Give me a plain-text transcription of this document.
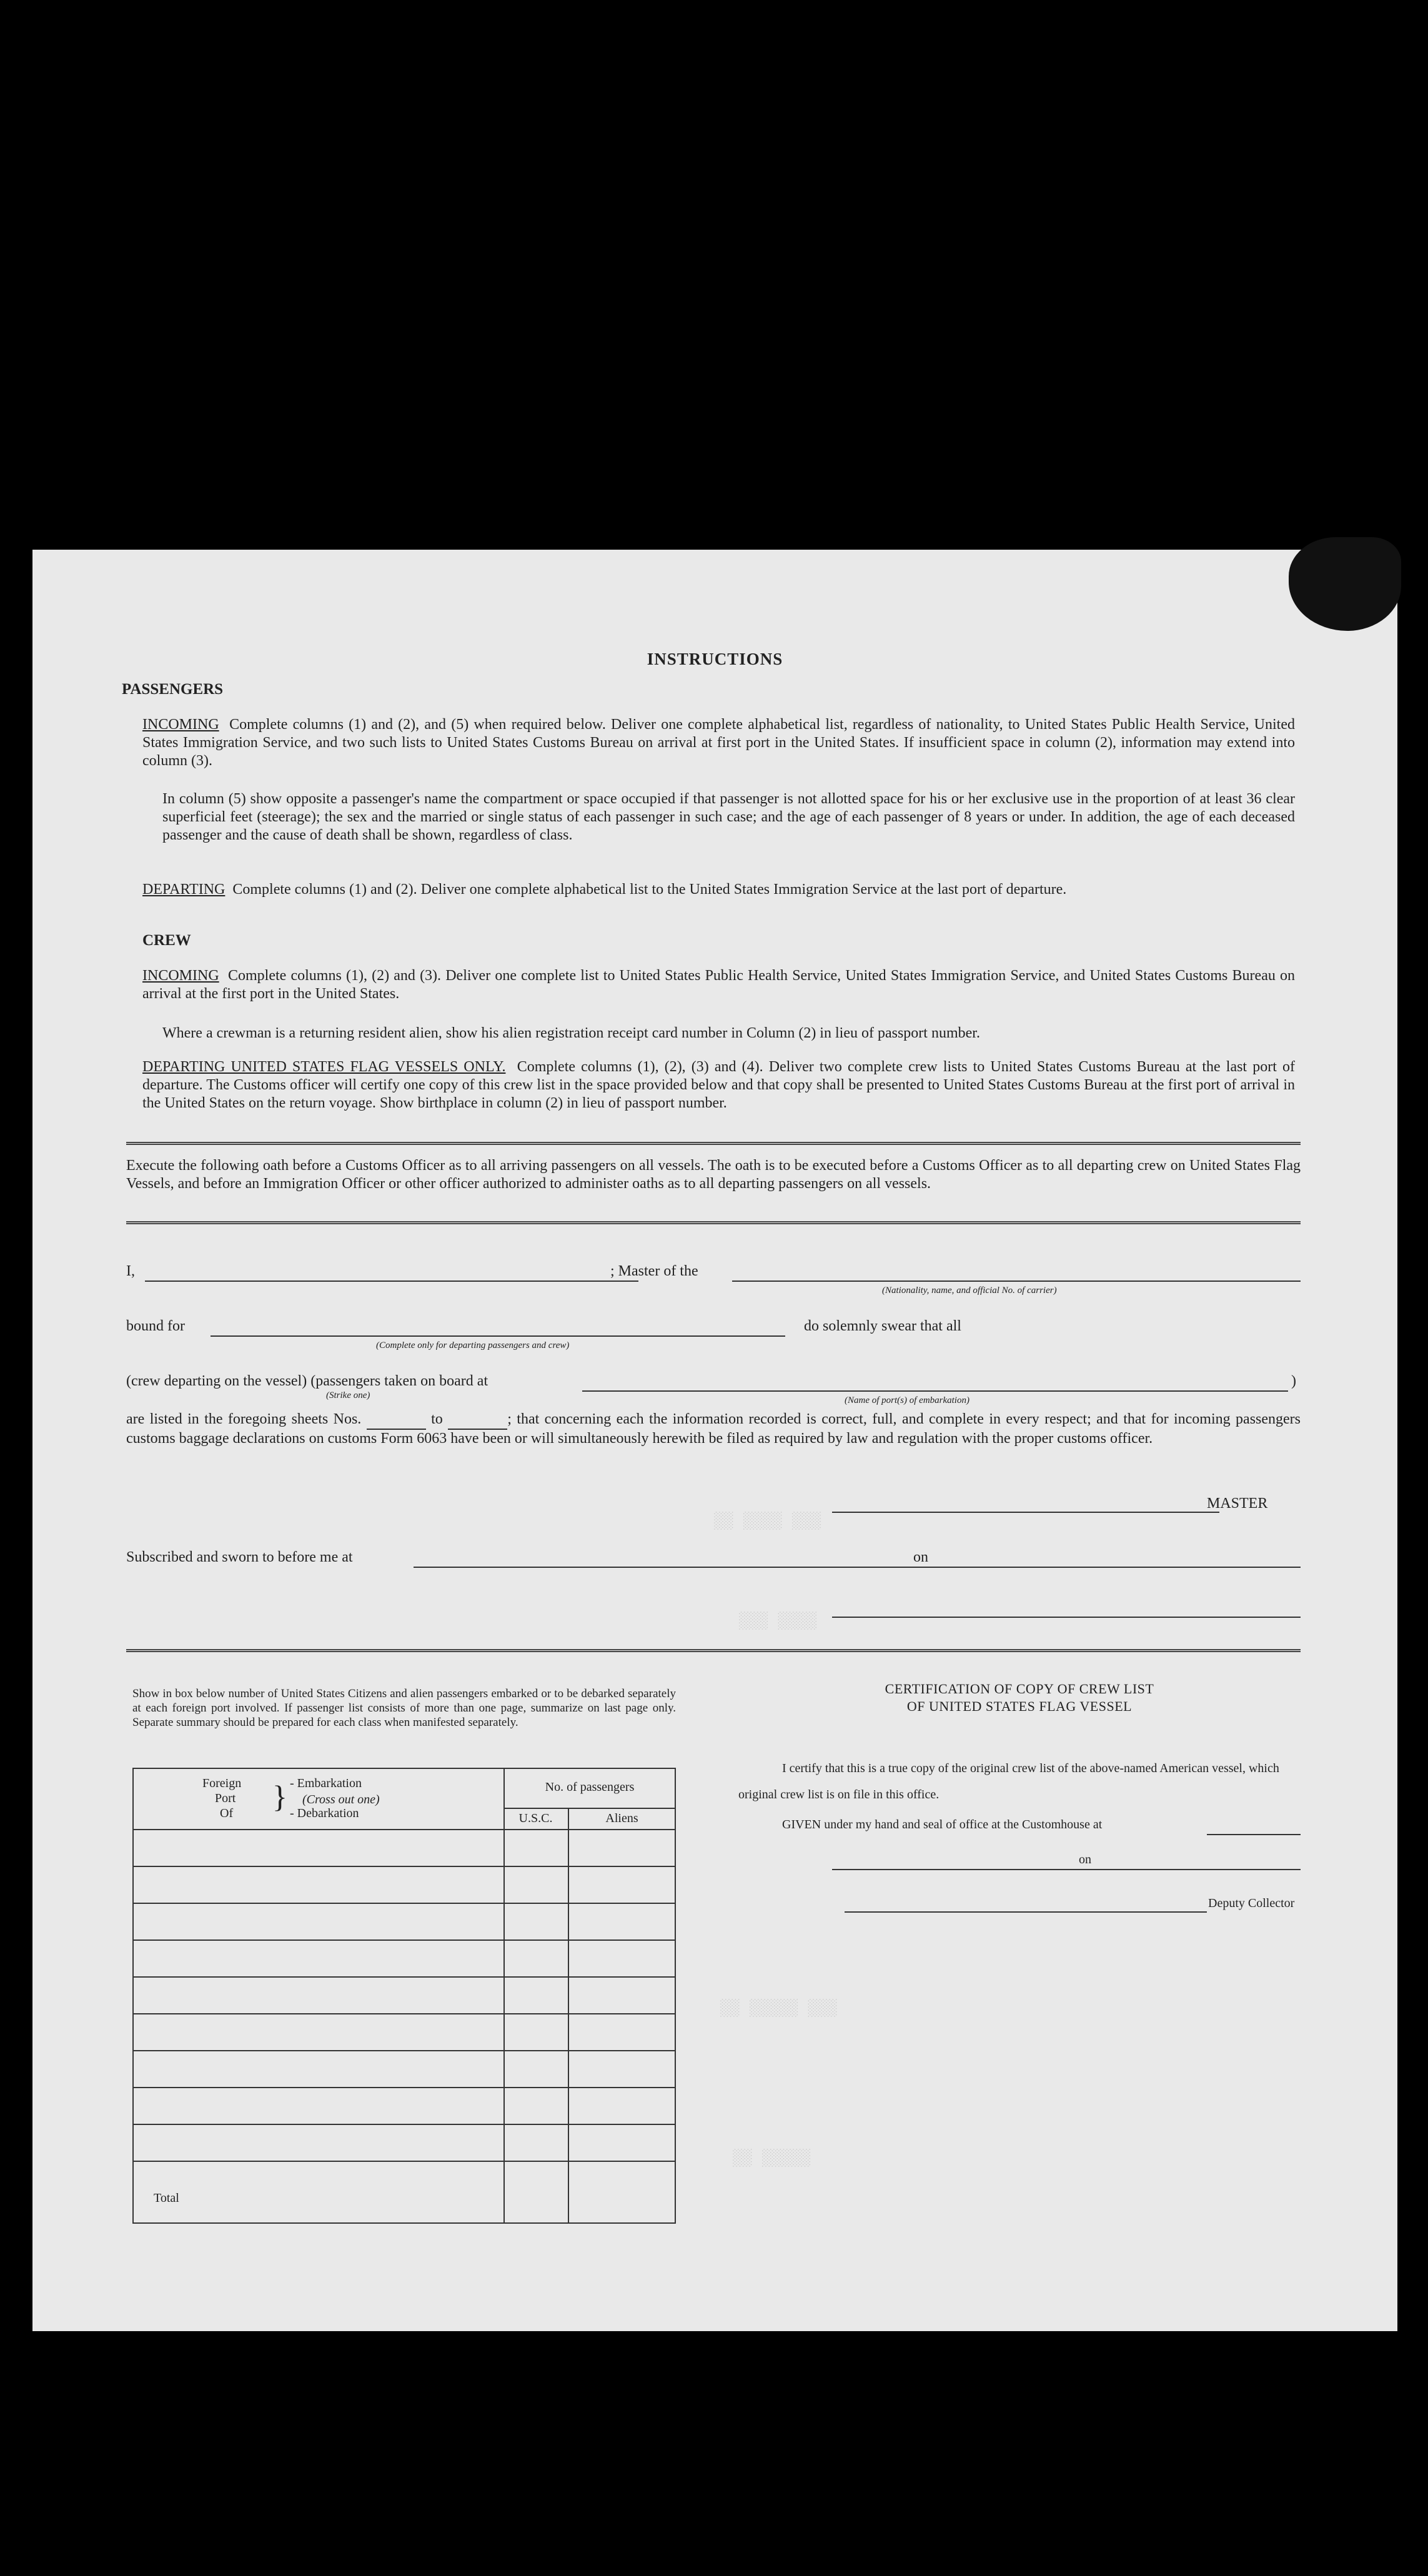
░░░ ░░░░ ░░
░░░░ ░░░
░░░ ░░░░░ ░░
░░░░░ ░░
INSTRUCTIONS
PASSENGERS
INCOMING Complete columns (1) and (2), and (5) when required below. Deliver one complete alphabetical list, regardless of nationality, to United States Public Health Service, United States Immigration Service, and two such lists to United States Customs Bureau on arrival at first port in the United States. If insufficient space in column (2), information may extend into column (3).
In column (5) show opposite a passenger's name the compartment or space occupied if that passenger is not allotted space for his or her exclusive use in the proportion of at least 36 clear superficial feet (steerage); the sex and the married or single status of each passenger in such case; and the age of each passenger of 8 years or under. In addition, the age of each deceased passenger and the cause of death shall be shown, regardless of class.
DEPARTING Complete columns (1) and (2). Deliver one complete alphabetical list to the United States Immigration Service at the last port of departure.
CREW
INCOMING Complete columns (1), (2) and (3). Deliver one complete list to United States Public Health Service, United States Immigration Service, and United States Customs Bureau on arrival at the first port in the United States.
Where a crewman is a returning resident alien, show his alien registration receipt card number in Column (2) in lieu of passport number.
DEPARTING UNITED STATES FLAG VESSELS ONLY. Complete columns (1), (2), (3) and (4). Deliver two complete crew lists to United States Customs Bureau at the last port of departure. The Customs officer will certify one copy of this crew list in the space provided below and that copy shall be presented to United States Customs Bureau at the first port of arrival in the United States on the return voyage. Show birthplace in column (2) in lieu of passport number.
Execute the following oath before a Customs Officer as to all arriving passengers on all vessels. The oath is to be executed before a Customs Officer as to all departing crew on United States Flag Vessels, and before an Immigration Officer or other officer authorized to administer oaths as to all departing passengers on all vessels.
I,	; Master of the
(Nationality, name, and official No. of carrier)
bound for
(Complete only for departing passengers and crew)
do solemnly swear that all
(crew departing on the vessel) (passengers taken on board at
(Strike one)
)
(Name of port(s) of embarkation)
are listed in the foregoing sheets Nos.	to	; that concerning each the information recorded is correct, full, and complete in every respect; and that for incoming passengers customs baggage declarations on customs Form 6063 have been or will simultaneously herewith be filed as required by law and regulation with the proper customs officer.
MASTER
Subscribed and sworn to before me at	on
Show in box below number of United States Citizens and alien passengers embarked or to be debarked separately at each foreign port involved. If passenger list consists of more than one page, summarize on last page only. Separate summary should be prepared for each class when manifested separately.
Foreign
Port
Of } - Embarkation
(Cross out one)
- Debarkation
No. of passengers
U.S.C.	Aliens
Total
CERTIFICATION OF COPY OF CREW LIST
OF UNITED STATES FLAG VESSEL
I certify that this is a true copy of the original crew list of the above-named American vessel, which original crew list is on file in this office.
GIVEN under my hand and seal of office at the Customhouse at
on
Deputy Collector
